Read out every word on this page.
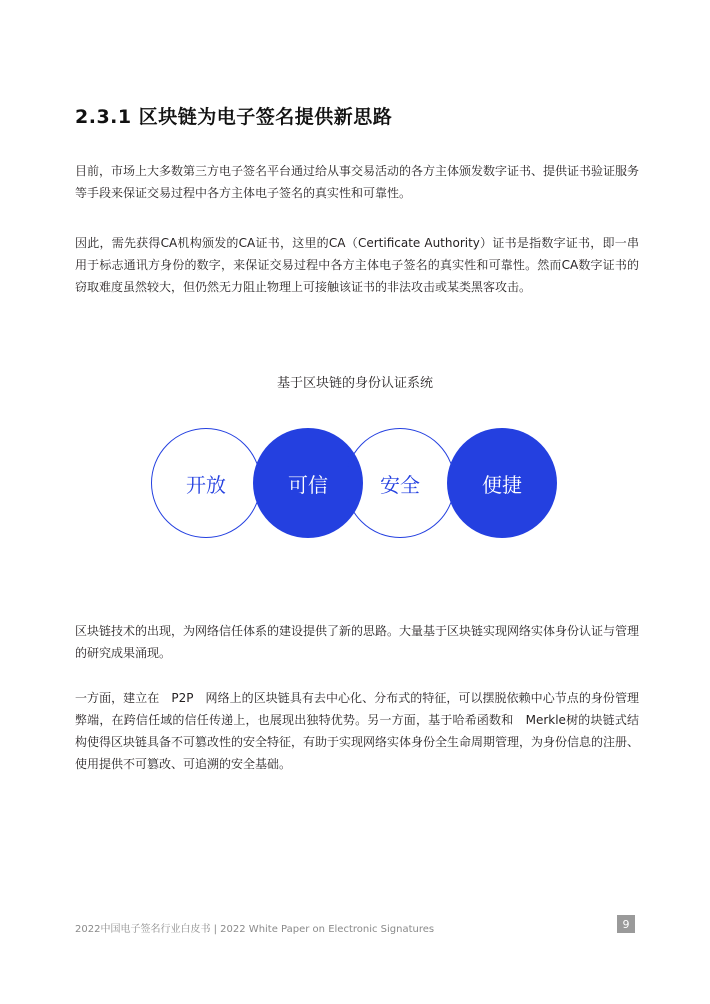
2.3.1 区块链为电子签名提供新思路

目前，市场上大多数第三方电子签名平台通过给从事交易活动的各方主体颁发数字证书、提供证书验证服务等手段来保证交易过程中各方主体电子签名的真实性和可靠性。

因此，需先获得CA机构颁发的CA证书，这里的CA（Certificate Authority）证书是指数字证书，即一串用于标志通讯方身份的数字，来保证交易过程中各方主体电子签名的真实性和可靠性。然而CA数字证书的窃取难度虽然较大，但仍然无力阻止物理上可接触该证书的非法攻击或某类黑客攻击。

基于区块链的身份认证系统
开放	可信	安全	便捷

区块链技术的出现，为网络信任体系的建设提供了新的思路。大量基于区块链实现网络实体身份认证与管理的研究成果涌现。

一方面，建立在　P2P　网络上的区块链具有去中心化、分布式的特征，可以摆脱依赖中心节点的身份管理弊端，在跨信任域的信任传递上，也展现出独特优势。另一方面，基于哈希函数和　Merkle树的块链式结构使得区块链具备不可篡改性的安全特征，有助于实现网络实体身份全生命周期管理，为身份信息的注册、使用提供不可篡改、可追溯的安全基础。

2022中国电子签名行业白皮书 | 2022 White Paper on Electronic Signatures	9
